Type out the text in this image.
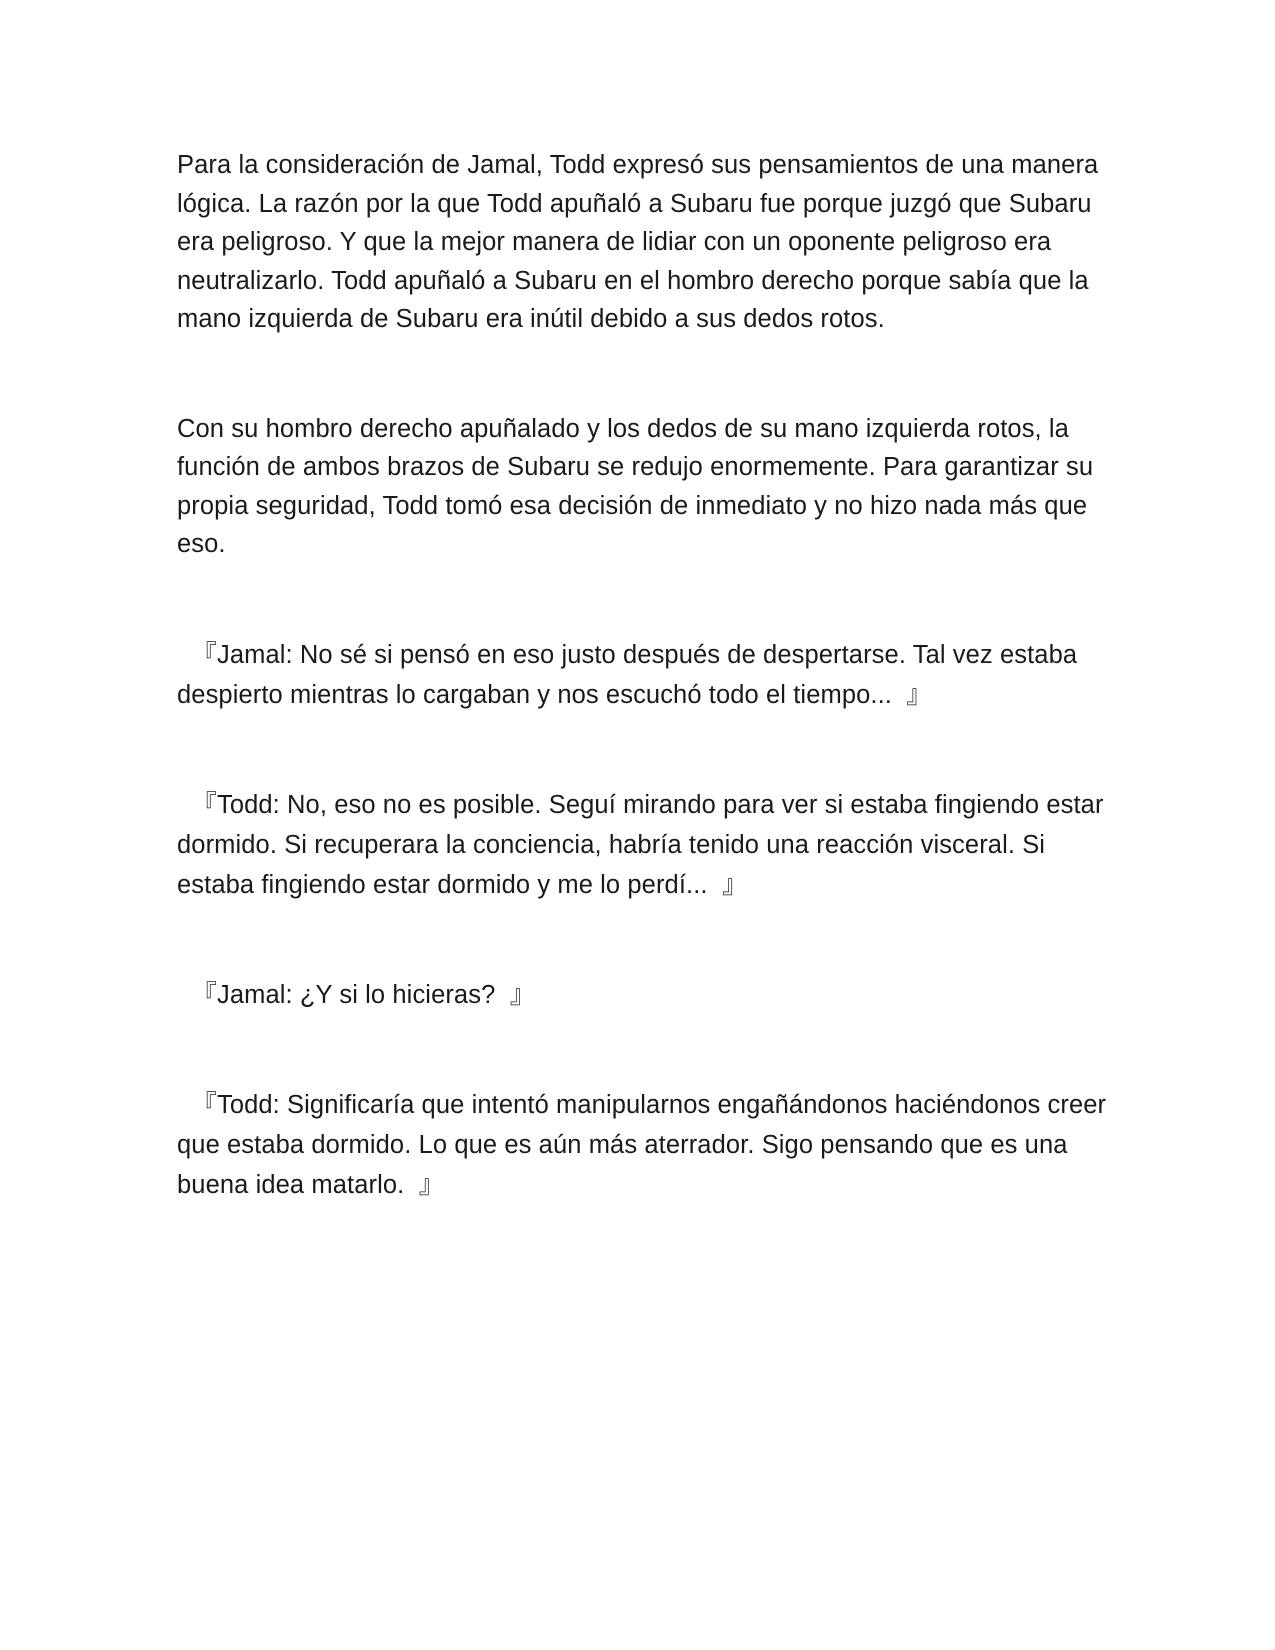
Para la consideración de Jamal, Todd expresó sus pensamientos de una manera lógica. La razón por la que Todd apuñaló a Subaru fue porque juzgó que Subaru era peligroso. Y que la mejor manera de lidiar con un oponente peligroso era neutralizarlo. Todd apuñaló a Subaru en el hombro derecho porque sabía que la mano izquierda de Subaru era inútil debido a sus dedos rotos.

Con su hombro derecho apuñalado y los dedos de su mano izquierda rotos, la función de ambos brazos de Subaru se redujo enormemente. Para garantizar su propia seguridad, Todd tomó esa decisión de inmediato y no hizo nada más que eso.

『Jamal: No sé si pensó en eso justo después de despertarse. Tal vez estaba despierto mientras lo cargaban y nos escuchó todo el tiempo...  』

『Todd: No, eso no es posible. Seguí mirando para ver si estaba fingiendo estar dormido. Si recuperara la conciencia, habría tenido una reacción visceral. Si estaba fingiendo estar dormido y me lo perdí...  』

『Jamal: ¿Y si lo hicieras?  』

『Todd: Significaría que intentó manipularnos engañándonos haciéndonos creer que estaba dormido. Lo que es aún más aterrador. Sigo pensando que es una buena idea matarlo.  』
